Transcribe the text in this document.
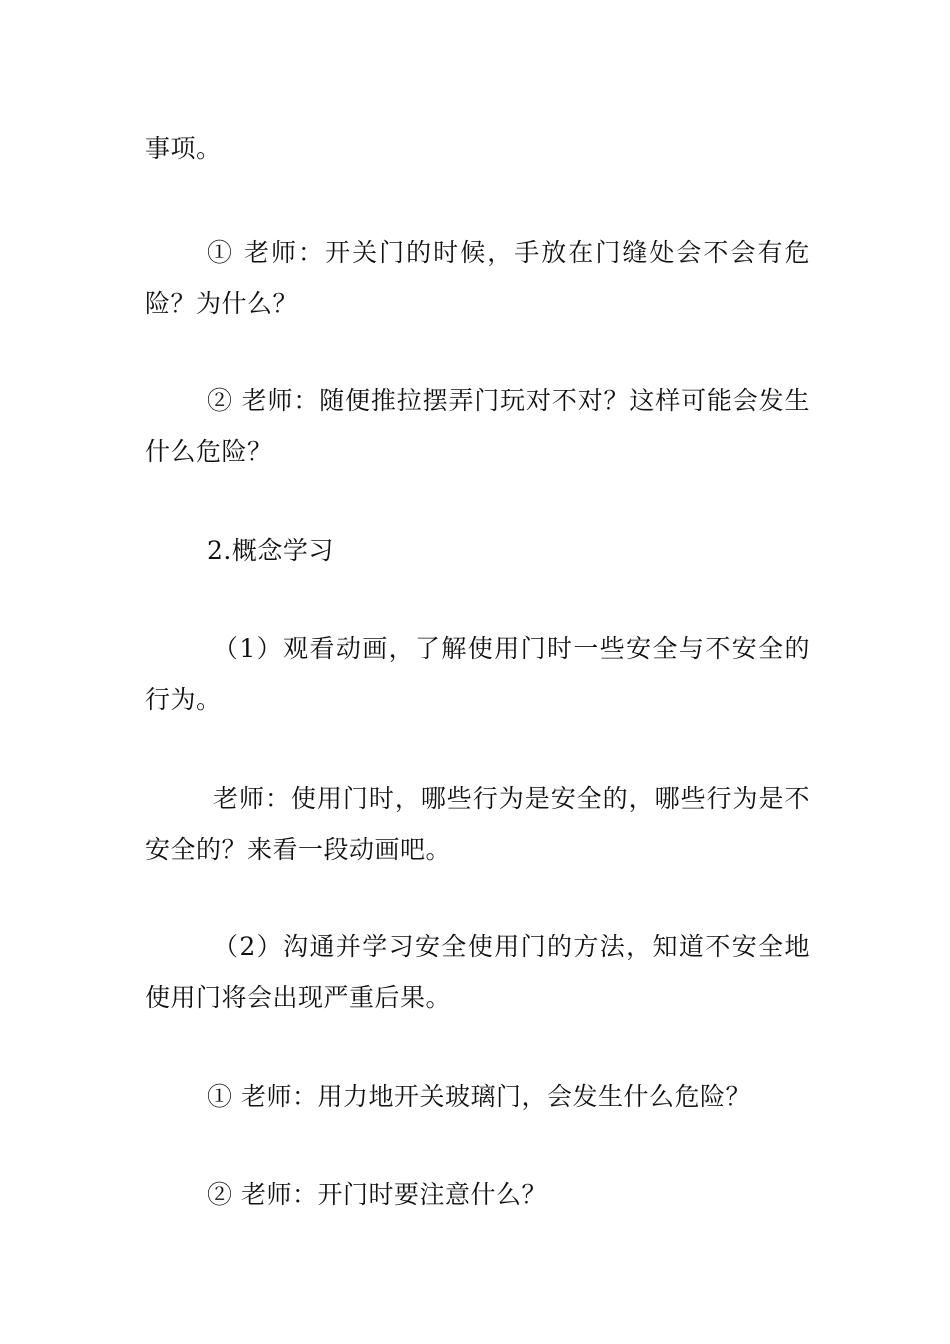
事项。

① 老师：开关门的时候，手放在门缝处会不会有危险？为什么？

② 老师：随便推拉摆弄门玩对不对？这样可能会发生什么危险？

2.概念学习

（1）观看动画，了解使用门时一些安全与不安全的行为。

老师：使用门时，哪些行为是安全的，哪些行为是不安全的？来看一段动画吧。

（2）沟通并学习安全使用门的方法，知道不安全地使用门将会出现严重后果。

① 老师：用力地开关玻璃门，会发生什么危险？

② 老师：开门时要注意什么？
